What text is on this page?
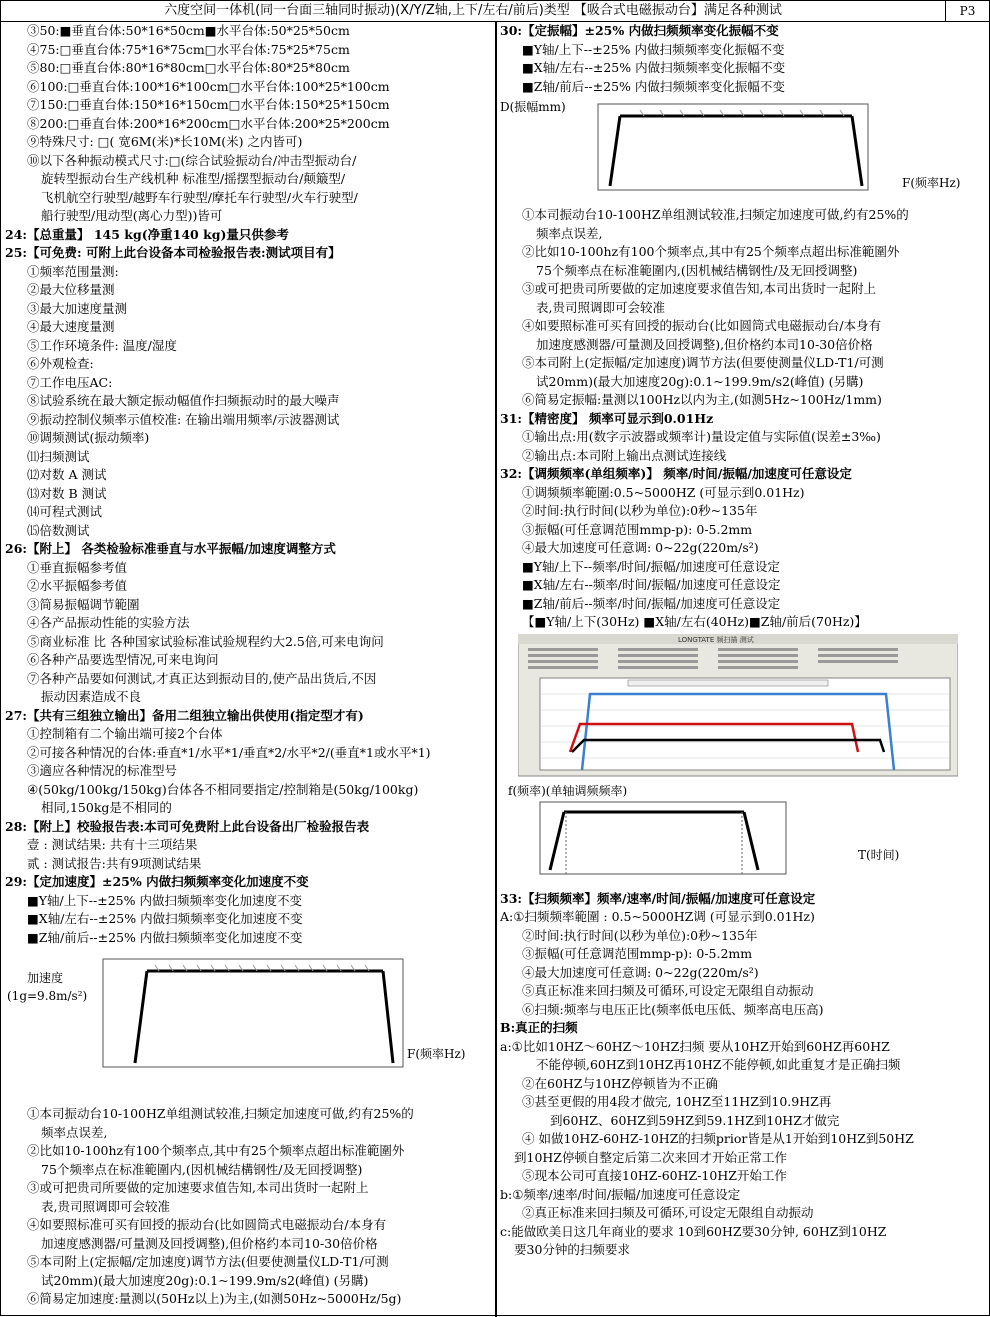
六度空间一体机(同一台面三轴同时振动)(X/Y/Z轴,上下/左右/前后)类型 【吸合式电磁振动台】满足各种测试	P3
③50:■垂直台体:50*16*50cm■水平台体:50*25*50cm
④75:□垂直台体:75*16*75cm□水平台体:75*25*75cm
⑤80:□垂直台体:80*16*80cm□水平台体:80*25*80cm
⑥100:□垂直台体:100*16*100cm□水平台体:100*25*100cm
⑦150:□垂直台体:150*16*150cm□水平台体:150*25*150cm
⑧200:□垂直台体:200*16*200cm□水平台体:200*25*200cm
⑨特殊尺寸: □( 宽6M(米)*长10M(米) 之内皆可)
⑩以下各种振动模式尺寸:□(综合试验振动台/冲击型振动台/
旋转型振动台生产线机种 标准型/摇摆型振动台/颠簸型/
飞机航空行驶型/越野车行驶型/摩托车行驶型/火车行驶型/
船行驶型/甩动型(离心力型))皆可
24:【总重量】 145 kg(净重140 kg)量只供参考
25:【可免费: 可附上此台设备本司检验报告表:测试项目有】
①频率范围量测:
②最大位移量测
③最大加速度量测
④最大速度量测
⑤工作环境条件: 温度/湿度
⑥外观检查:
⑦工作电压AC:
⑧试验系统在最大额定振动幅值作扫频振动时的最大噪声
⑨振动控制仪频率示值校准: 在输出端用频率/示波器测试
⑩调频测试(振动频率)
⑾扫频测试
⑿对数 A 测试
⒀对数 B 测试
⒁可程式测试
⒂倍数测试
26:【附上】 各类检验标准垂直与水平振幅/加速度调整方式
①垂直振幅参考值
②水平振幅参考值
③简易振幅调节範圍
④各产品振动性能的实验方法
⑤商业标准 比 各种国家试验标准试验规程约大2.5倍,可来电询问
⑥各种产品要选型情况,可来电询问
⑦各种产品要如何测试,才真正达到振动目的,使产品出货后,不因
振动因素造成不良
27:【共有三组独立输出】备用二组独立输出供使用(指定型才有)
①控制箱有二个输出端可接2个台体
②可接各种情况的台体:垂直*1/水平*1/垂直*2/水平*2/(垂直*1或水平*1)
③適应各种情况的标准型号
④(50kg/100kg/150kg)台体各不相同要指定/控制箱是(50kg/100kg)
相同,150kg是不相同的
28:【附上】校验报告表:本司可免费附上此台设备出厂检验报告表
壹 : 测试结果: 共有十三项结果
贰 : 测试报告:共有9项测试结果
29:【定加速度】±25% 内做扫频频率变化加速度不变
■Y轴/上下--±25% 内做扫频频率变化加速度不变
■X轴/左右--±25% 内做扫频频率变化加速度不变
■Z轴/前后--±25% 内做扫频频率变化加速度不变
加速度
(1g=9.8m/s²)
F(频率Hz)
①本司振动台10-100HZ单组测试较准,扫频定加速度可做,约有25%的
频率点误差,
②比如10-100hz有100个频率点,其中有25个频率点超出标准範圍外
75个频率点在标准範圍内,(因机械结構钢性/及无回授调整)
③或可把贵司所要做的定加速要求值告知,本司出货时一起附上
表,贵司照调即可会较准
④如要照标准可买有回授的振动台(比如圆筒式电磁振动台/本身有
加速度感测器/可量测及回授调整),但价格约本司10-30倍价格
⑤本司附上(定振幅/定加速度)调节方法(但要使测量仪LD-T1/可测
试20mm)(最大加速度20g):0.1~199.9m/s2(峰值) (另購)
⑥简易定加速度:量测以(50Hz以上)为主,(如测50Hz~5000Hz/5g)
30:【定振幅】±25% 内做扫频频率变化振幅不变
■Y轴/上下--±25% 内做扫频频率变化振幅不变
■X轴/左右--±25% 内做扫频频率变化振幅不变
■Z轴/前后--±25% 内做扫频频率变化振幅不变
D(振幅mm)
F(频率Hz)
①本司振动台10-100HZ单组测试较准,扫频定加速度可做,约有25%的
频率点误差,
②比如10-100hz有100个频率点,其中有25个频率点超出标准範圍外
75个频率点在标准範圍内,(因机械结構钢性/及无回授调整)
③或可把贵司所要做的定加速度要求值告知,本司出货时一起附上
表,贵司照调即可会较准
④如要照标准可买有回授的振动台(比如圆筒式电磁振动台/本身有
加速度感测器/可量测及回授调整),但价格约本司10-30倍价格
⑤本司附上(定振幅/定加速度)调节方法(但要使测量仪LD-T1/可测
试20mm)(最大加速度20g):0.1~199.9m/s2(峰值) (另購)
⑥简易定振幅:量测以100Hz以内为主,(如测5Hz~100Hz/1mm)
31:【精密度】 频率可显示到0.01Hz
①输出点:用(数字示波器或频率计)量设定值与实际值(误差±3‰)
②输出点:本司附上输出点测试连接线
32:【调频频率(单组频率)】 频率/时间/振幅/加速度可任意设定
①调频频率範圍:0.5~5000HZ (可显示到0.01Hz)
②时间:执行时间(以秒为单位):0秒~135年
③振幅(可任意调范围mmp-p): 0-5.2mm
④最大加速度可任意调: 0~22g(220m/s²)
■Y轴/上下--频率/时间/振幅/加速度可任意设定
■X轴/左右--频率/时间/振幅/加速度可任意设定
■Z轴/前后--频率/时间/振幅/加速度可任意设定
【■Y轴/上下(30Hz) ■X轴/左右(40Hz)■Z轴/前后(70Hz)】
LONGTATE 频扫描 测试
f(频率)(单轴调频频率)
T(时间)
33:【扫频频率】频率/速率/时间/振幅/加速度可任意设定
A:①扫频频率範圍 : 0.5~5000HZ调 (可显示到0.01Hz)
②时间:执行时间(以秒为单位):0秒~135年
③振幅(可任意调范围mmp-p): 0-5.2mm
④最大加速度可任意调: 0~22g(220m/s²)
⑤真正标准来回扫频及可循环,可设定无限组自动振动
⑥扫频:频率与电压正比(频率低电压低、频率高电压高)
B:真正的扫频
a:①比如10HZ～60HZ～10HZ扫频 要从10HZ开始到60HZ再60HZ
不能停顿,60HZ到10HZ再10HZ不能停顿,如此重复才是正确扫频
②在60HZ与10HZ停顿皆为不正确
③甚至更假的用4段才做完, 10HZ至11HZ到10.9HZ再
到60HZ、60HZ到59HZ到59.1HZ到10HZ才做完
④ 如做10HZ-60HZ-10HZ的扫频prior皆是从1开始到10HZ到50HZ
到10HZ停顿自整定后第二次来回才开始正常工作
⑤现本公司可直接10HZ-60HZ-10HZ开始工作
b:①频率/速率/时间/振幅/加速度可任意设定
②真正标准来回扫频及可循环,可设定无限组自动振动
c:能做欧美日这几年商业的要求 10到60HZ要30分钟, 60HZ到10HZ
要30分钟的扫频要求
